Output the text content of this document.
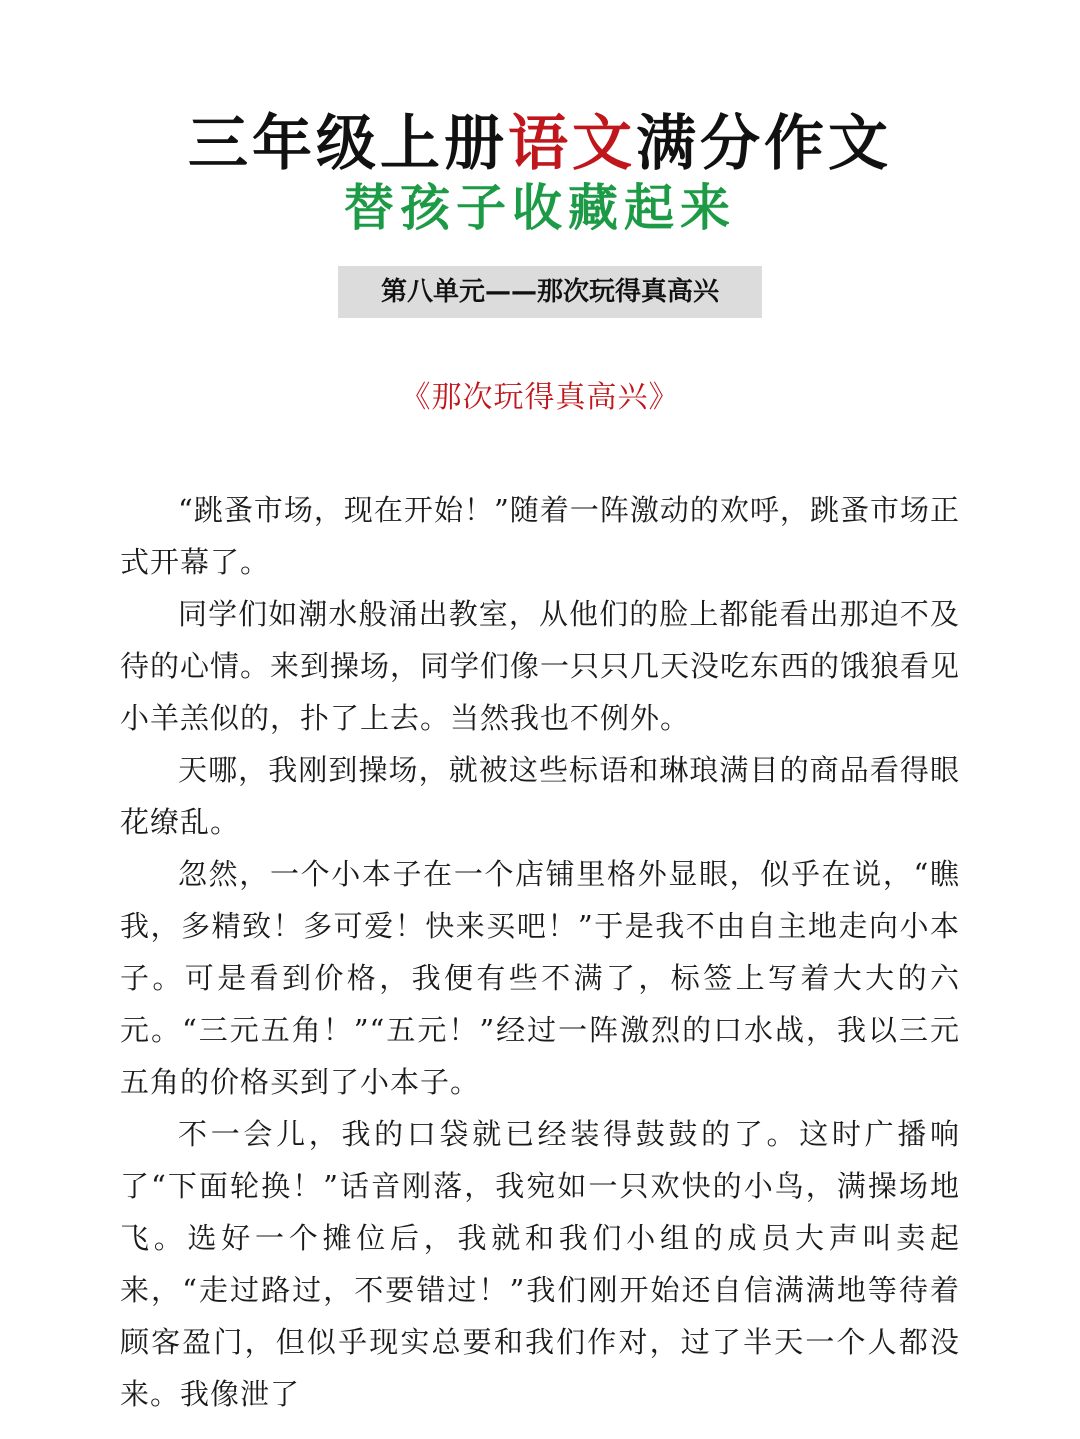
三年级上册语文满分作文
替孩子收藏起来
第八单元——那次玩得真高兴
《那次玩得真高兴》

“跳蚤市场，现在开始！”随着一阵激动的欢呼，跳蚤市场正式开幕了。

同学们如潮水般涌出教室，从他们的脸上都能看出那迫不及待的心情。来到操场，同学们像一只只几天没吃东西的饿狼看见小羊羔似的，扑了上去。当然我也不例外。

天哪，我刚到操场，就被这些标语和琳琅满目的商品看得眼花缭乱。

忽然，一个小本子在一个店铺里格外显眼，似乎在说，“瞧我，多精致！多可爱！快来买吧！”于是我不由自主地走向小本子。可是看到价格，我便有些不满了，标签上写着大大的六元。“三元五角！”“五元！”经过一阵激烈的口水战，我以三元五角的价格买到了小本子。

不一会儿，我的口袋就已经装得鼓鼓的了。这时广播响了“下面轮换！”话音刚落，我宛如一只欢快的小鸟，满操场地飞。选好一个摊位后，我就和我们小组的成员大声叫卖起来，“走过路过，不要错过！”我们刚开始还自信满满地等待着顾客盈门，但似乎现实总要和我们作对，过了半天一个人都没来。我像泄了
